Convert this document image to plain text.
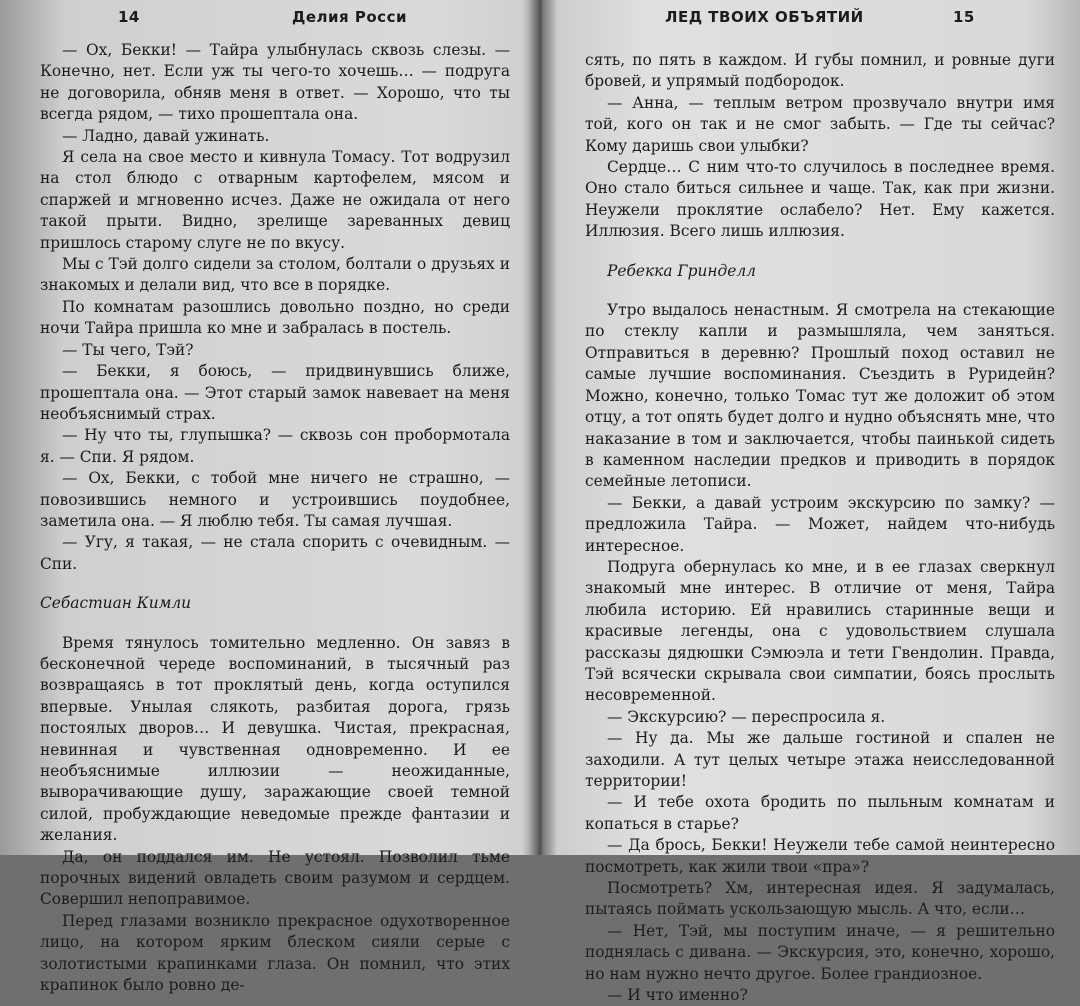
14	Делия Росси

— Ох, Бекки! — Тайра улыбнулась сквозь слезы. — Конечно, нет. Если уж ты чего-то хочешь… — подруга не договорила, обняв меня в ответ. — Хорошо, что ты всегда рядом, — тихо прошептала она.

— Ладно, давай ужинать.

Я села на свое место и кивнула Томасу. Тот водрузил на стол блюдо с отварным картофелем, мясом и спаржей и мгновенно исчез. Даже не ожидала от него такой прыти. Видно, зрелище зареванных девиц пришлось старому слуге не по вкусу.

Мы с Тэй долго сидели за столом, болтали о друзьях и знакомых и делали вид, что все в порядке.

По комнатам разошлись довольно поздно, но среди ночи Тайра пришла ко мне и забралась в постель.

— Ты чего, Тэй?

— Бекки, я боюсь, — придвинувшись ближе, прошептала она. — Этот старый замок навевает на меня необъяснимый страх.

— Ну что ты, глупышка? — сквозь сон пробормотала я. — Спи. Я рядом.

— Ох, Бекки, с тобой мне ничего не страшно, — повозившись немного и устроившись поудобнее, заметила она. — Я люблю тебя. Ты самая лучшая.

— Угу, я такая, — не стала спорить с очевидным. — Спи.

Себастиан Кимли

Время тянулось томительно медленно. Он завяз в бесконечной череде воспоминаний, в тысячный раз возвращаясь в тот проклятый день, когда оступился впервые. Унылая слякоть, разбитая дорога, грязь постоялых дворов… И девушка. Чистая, прекрасная, невинная и чувственная одновременно. И ее необъяснимые иллюзии — неожиданные, выворачивающие душу, заражающие своей темной силой, пробуждающие неведомые прежде фантазии и желания.

Да, он поддался им. Не устоял. Позволил тьме порочных видений овладеть своим разумом и сердцем. Совершил непоправимое.

Перед глазами возникло прекрасное одухотворенное лицо, на котором ярким блеском сияли серые с золотистыми крапинками глаза. Он помнил, что этих крапинок было ровно де-

ЛЕД ТВОИХ ОБЪЯТИЙ	15

сять, по пять в каждом. И губы помнил, и ровные дуги бровей, и упрямый подбородок.

— Анна, — теплым ветром прозвучало внутри имя той, кого он так и не смог забыть. — Где ты сейчас? Кому даришь свои улыбки?

Сердце… С ним что-то случилось в последнее время. Оно стало биться сильнее и чаще. Так, как при жизни. Неужели проклятие ослабело? Нет. Ему кажется. Иллюзия. Всего лишь иллюзия.

Ребекка Гринделл

Утро выдалось ненастным. Я смотрела на стекающие по стеклу капли и размышляла, чем заняться. Отправиться в деревню? Прошлый поход оставил не самые лучшие воспоминания. Съездить в Руридейн? Можно, конечно, только Томас тут же доложит об этом отцу, а тот опять будет долго и нудно объяснять мне, что наказание в том и заключается, чтобы паинькой сидеть в каменном наследии предков и приводить в порядок семейные летописи.

— Бекки, а давай устроим экскурсию по замку? — предложила Тайра. — Может, найдем что-нибудь интересное.

Подруга обернулась ко мне, и в ее глазах сверкнул знакомый мне интерес. В отличие от меня, Тайра любила историю. Ей нравились старинные вещи и красивые легенды, она с удовольствием слушала рассказы дядюшки Сэмюэла и тети Гвендолин. Правда, Тэй всячески скрывала свои симпатии, боясь прослыть несовременной.

— Экскурсию? — переспросила я.

— Ну да. Мы же дальше гостиной и спален не заходили. А тут целых четыре этажа неисследованной территории!

— И тебе охота бродить по пыльным комнатам и копаться в старье?

— Да брось, Бекки! Неужели тебе самой неинтересно посмотреть, как жили твои «пра»?

Посмотреть? Хм, интересная идея. Я задумалась, пытаясь поймать ускользающую мысль. А что, если…

— Нет, Тэй, мы поступим иначе, — я решительно поднялась с дивана. — Экскурсия, это, конечно, хорошо, но нам нужно нечто другое. Более грандиозное.

— И что именно?
